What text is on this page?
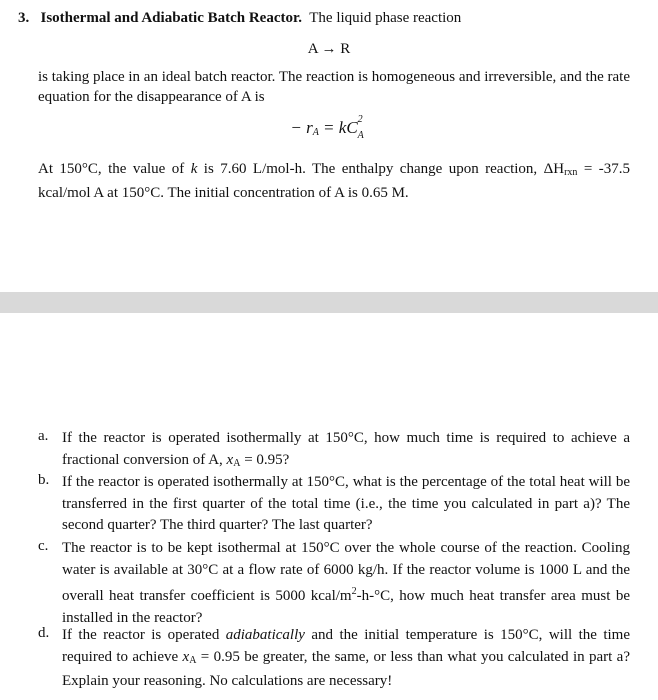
3. Isothermal and Adiabatic Batch Reactor. The liquid phase reaction
A → R
is taking place in an ideal batch reactor. The reaction is homogeneous and irreversible, and the rate equation for the disappearance of A is
− $r_A$ = kC 2
A
At 150°C, the value of k is 7.60 L/mol-h. The enthalpy change upon reaction, $\Delta H_{rxn} = -37.5$ kcal/mol A at 150°C. The initial concentration of A is 0.65 M.
a. If the reactor is operated isothermally at 150°C, how much time is required to achieve a fractional conversion of A, $x_A = 0.95$?
b. If the reactor is operated isothermally at 150°C, what is the percentage of the total heat will be transferred in the first quarter of the total time (i.e., the time you calculated in part a)? The second quarter? The third quarter? The last quarter?
c. The reactor is to be kept isothermal at 150°C over the whole course of the reaction. Cooling water is available at 30°C at a flow rate of 6000 kg/h. If the reactor volume is 1000 L and the overall heat transfer coefficient is 5000 kcal/$m^2-h-^\circ C$, how much heat transfer area must be installed in the reactor?
d. If the reactor is operated adiabatically and the initial temperature is 150°C, will the time required to achieve $x_A = 0.95$ be greater, the same, or less than what you calculated in part a? Explain your reasoning. No calculations are necessary!
